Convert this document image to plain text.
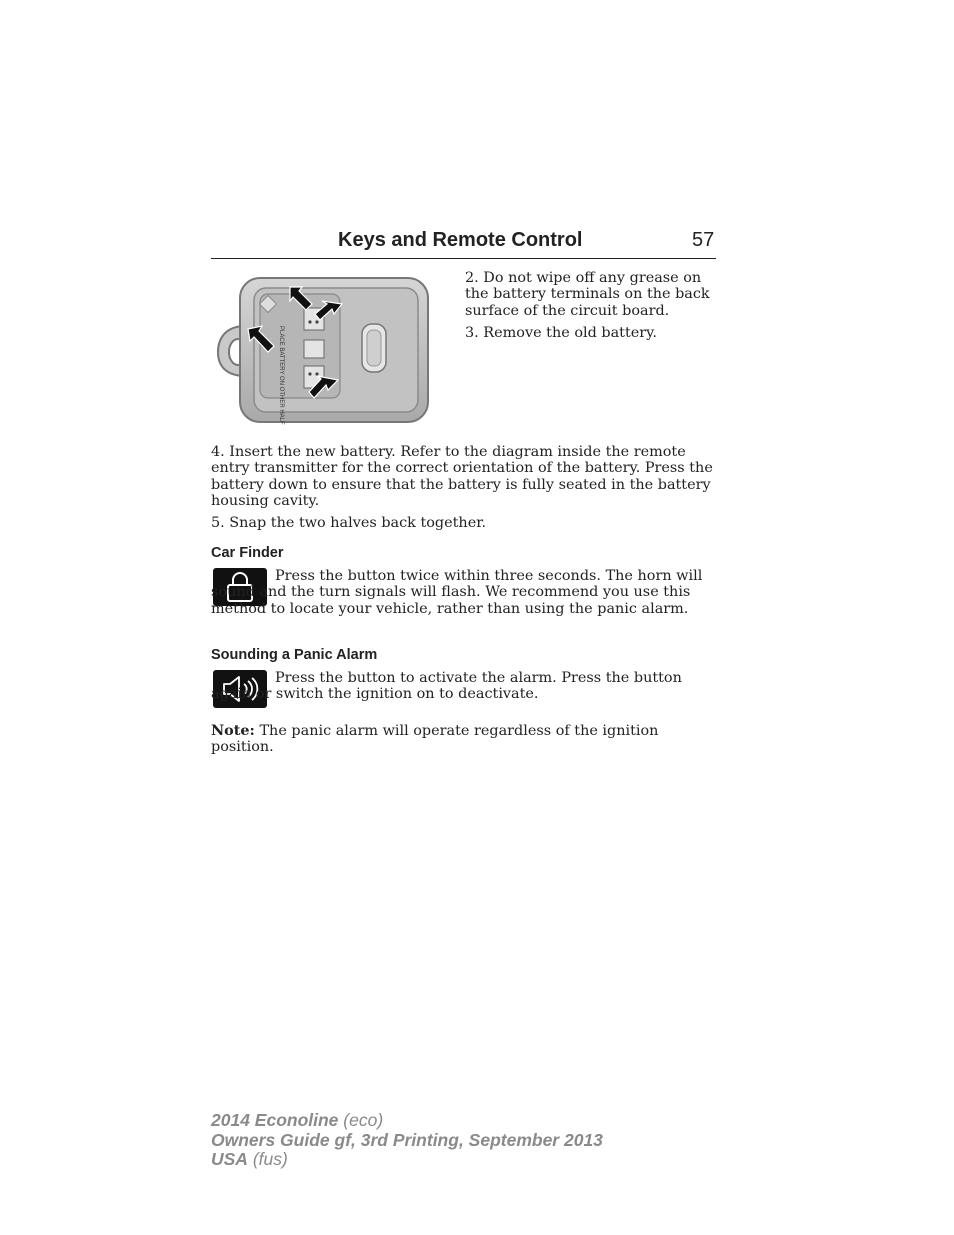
Keys and Remote Control	57
PLACE BATTERY ON OTHER HALF TOUCH TERMINALS

2. Do not wipe off any grease on the battery terminals on the back surface of the circuit board.

3. Remove the old battery.

4. Insert the new battery. Refer to the diagram inside the remote entry transmitter for the correct orientation of the battery. Press the battery down to ensure that the battery is fully seated in the battery housing cavity.

5. Snap the two halves back together.

Car Finder

Press the button twice within three seconds. The horn will sound and the turn signals will flash. We recommend you use this method to locate your vehicle, rather than using the panic alarm.

Sounding a Panic Alarm

Press the button to activate the alarm. Press the button again or switch the ignition on to deactivate.

Note: The panic alarm will operate regardless of the ignition position.

2014 Econoline (eco)
Owners Guide gf, 3rd Printing, September 2013
USA (fus)
